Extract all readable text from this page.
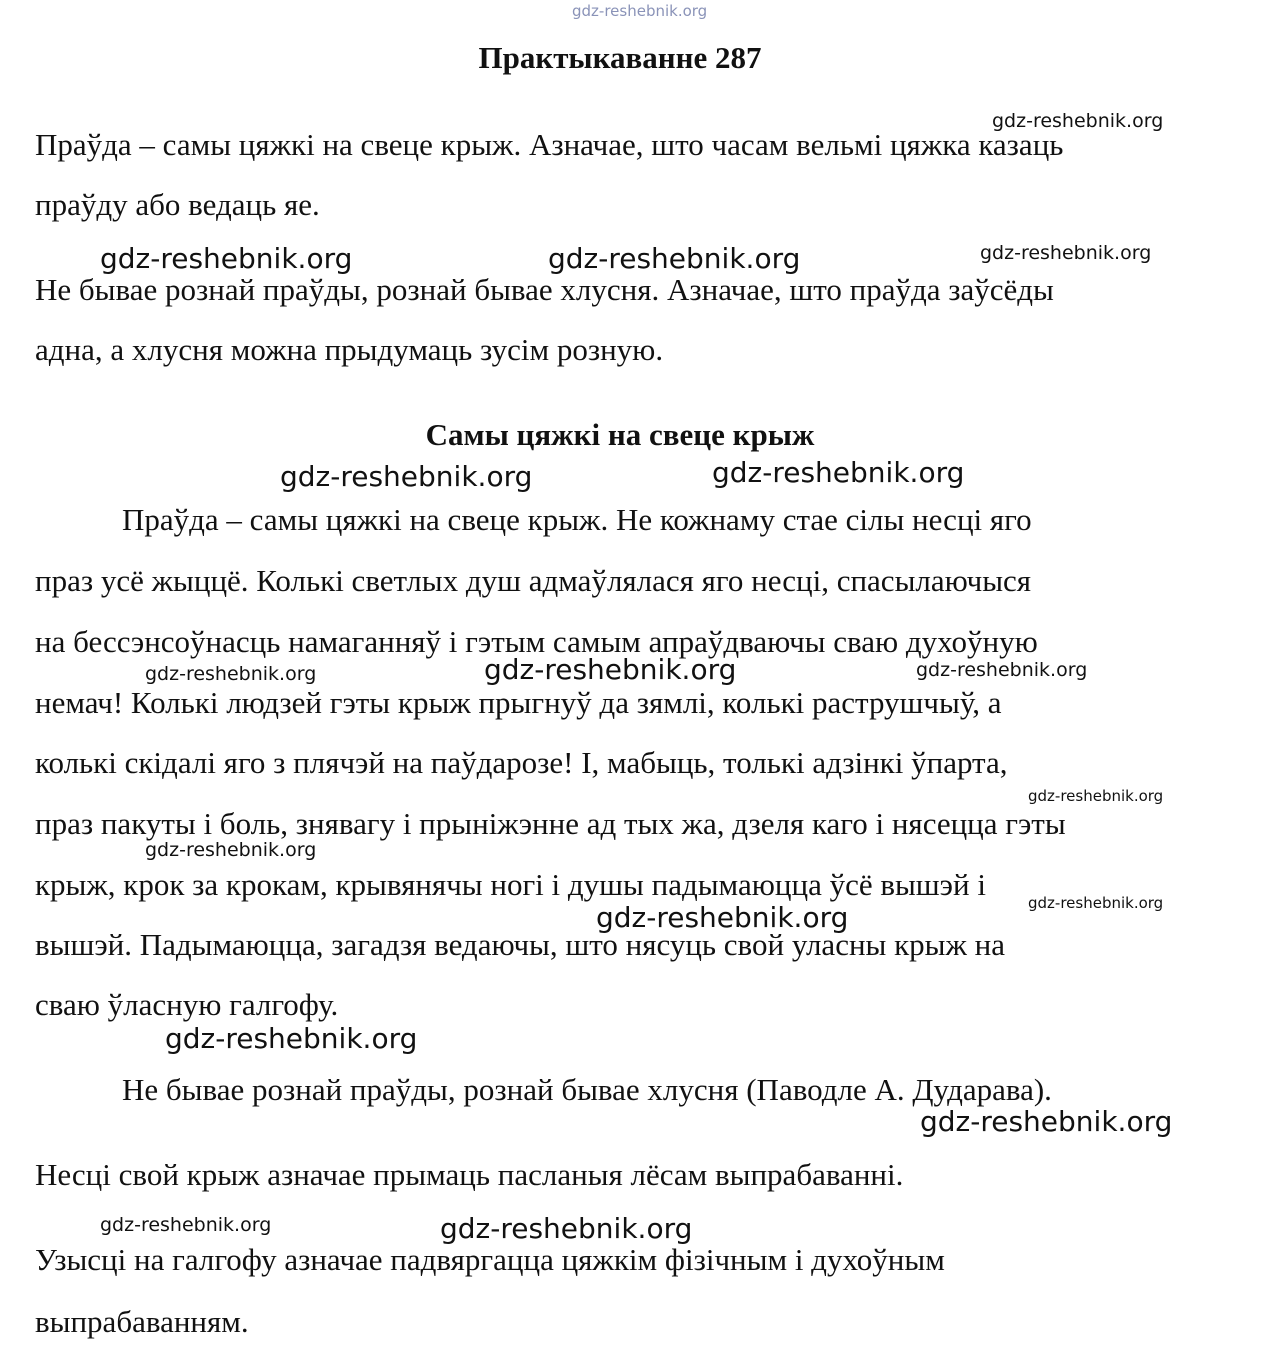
Практыкаванне 287
Праўда – самы цяжкі на свеце крыж. Азначае, што часам вельмі цяжка казаць
праўду або ведаць яе.
Не бывае рознай праўды, рознай бывае хлусня. Азначае, што праўда заўсёды
адна, а хлусня можна прыдумаць зусім розную.
Самы цяжкі на свеце крыж
Праўда – самы цяжкі на свеце крыж. Не кожнаму стае сілы несці яго
праз усё жыццё. Колькі светлых душ адмаўлялася яго несці, спасылаючыся
на бессэнсоўнасць намаганняў і гэтым самым апраўдваючы сваю духоўную
немач! Колькі людзей гэты крыж прыгнуў да зямлі, колькі раструшчыў, а
колькі скідалі яго з плячэй на паўдарозе! І, мабыць, толькі адзінкі ўпарта,
праз пакуты і боль, знявагу і прыніжэнне ад тых жа, дзеля каго і нясецца гэты
крыж, крок за крокам, крывянячы ногі і душы падымаюцца ўсё вышэй і
вышэй. Падымаюцца, загадзя ведаючы, што нясуць свой уласны крыж на
сваю ўласную галгофу.
Не бывае рознай праўды, рознай бывае хлусня (Паводле А. Дударава).
Несці свой крыж азначае прымаць пасланыя лёсам выпрабаванні.
Узысці на галгофу азначае падвяргацца цяжкім фізічным і духоўным
выпрабаванням.
gdz-reshebnik.org
gdz-reshebnik.org
gdz-reshebnik.org	gdz-reshebnik.org	gdz-reshebnik.org
gdz-reshebnik.org	gdz-reshebnik.org
gdz-reshebnik.org	gdz-reshebnik.org	gdz-reshebnik.org
gdz-reshebnik.org
gdz-reshebnik.org
gdz-reshebnik.org
gdz-reshebnik.org
gdz-reshebnik.org
gdz-reshebnik.org
gdz-reshebnik.org	gdz-reshebnik.org
